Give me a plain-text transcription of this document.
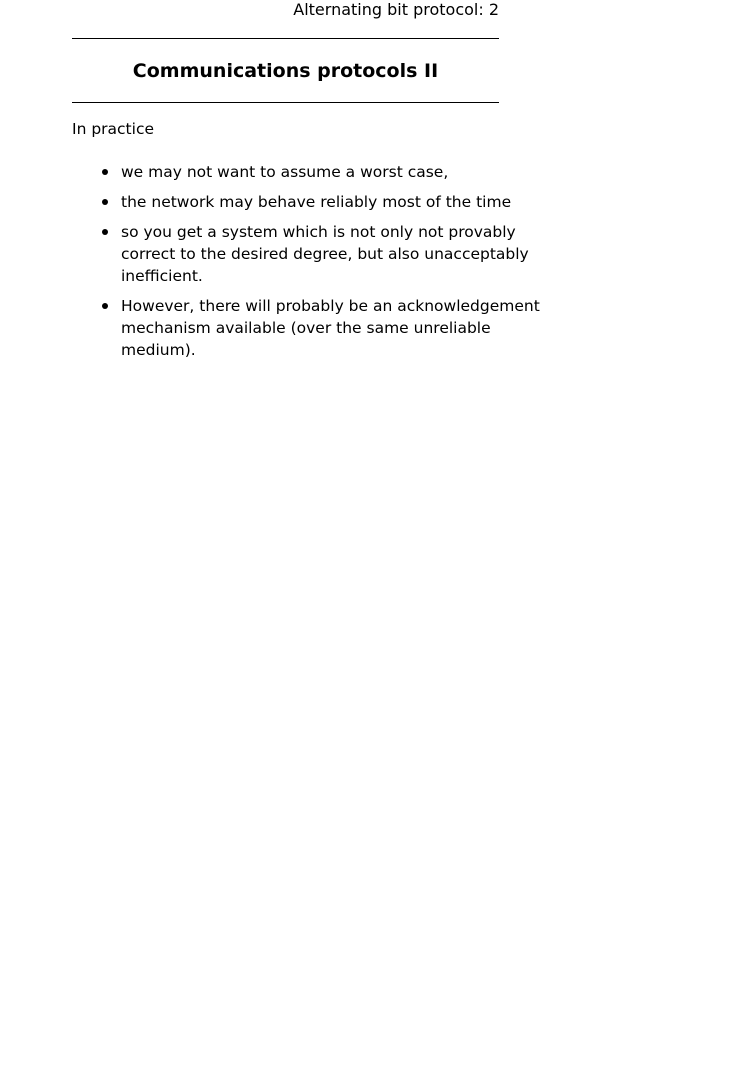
Alternating bit protocol: 2
Communications protocols II
In practice
we may not want to assume a worst case,
the network may behave reliably most of the time
so you get a system which is not only not provably
correct to the desired degree, but also unacceptably
inefficient.
However, there will probably be an acknowledgement
mechanism available (over the same unreliable
medium).
